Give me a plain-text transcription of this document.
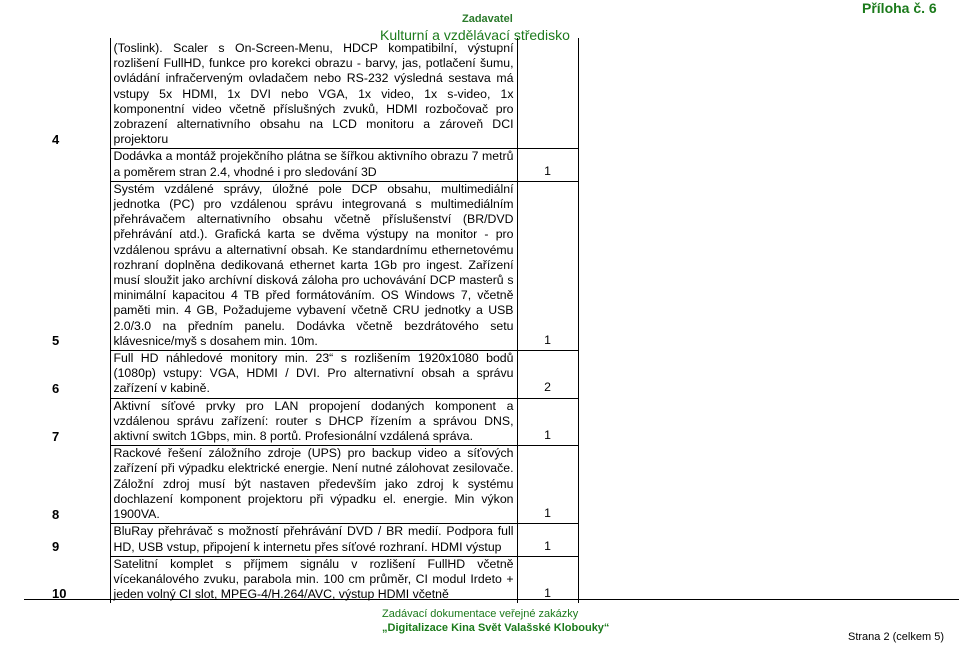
Zadavatel
Kulturní a vzdělávací středisko
Příloha č. 6
4	(Toslink). Scaler s On-Screen-Menu, HDCP kompatibilní, výstupní rozlišení FullHD, funkce pro korekci obrazu - barvy, jas, potlačení šumu, ovládání infračerveným ovladačem nebo RS-232 výsledná sestava má vstupy 5x HDMI, 1x DVI nebo VGA, 1x video, 1x s-video, 1x komponentní video včetně příslušných zvuků, HDMI rozbočovač pro zobrazení alternativního obsahu na LCD monitoru a zároveň DCI projektoru	
	Dodávka a montáž projekčního plátna se šířkou aktivního obrazu 7 metrů a poměrem stran 2.4, vhodné i pro sledování 3D	1
5	Systém vzdálené správy, úložné pole DCP obsahu, multimediální jednotka (PC) pro vzdálenou správu integrovaná s multimediálním přehrávačem alternativního obsahu včetně příslušenství (BR/DVD přehrávání atd.). Grafická karta se dvěma výstupy na monitor - pro vzdálenou správu a alternativní obsah. Ke standardnímu ethernetovému rozhraní doplněna dedikovaná ethernet karta 1Gb pro ingest. Zařízení musí sloužit jako archívní disková záloha pro uchovávání DCP masterů s minimální kapacitou 4 TB před formátováním. OS Windows 7, včetně paměti min. 4 GB, Požadujeme vybavení včetně CRU jednotky a USB 2.0/3.0 na předním panelu. Dodávka včetně bezdrátového setu klávesnice/myš s dosahem min. 10m.	1
6	Full HD náhledové monitory min. 23“ s rozlišením 1920x1080 bodů (1080p) vstupy: VGA, HDMI / DVI. Pro alternativní obsah a správu zařízení v kabině.	2
7	Aktivní síťové prvky pro LAN propojení dodaných komponent a vzdálenou správu zařízení: router s DHCP řízením a správou DNS, aktivní switch 1Gbps, min. 8 portů. Profesionální vzdálená správa.	1
8	Rackové řešení záložního zdroje (UPS) pro backup video a síťových zařízení při výpadku elektrické energie. Není nutné zálohovat zesilovače. Záložní zdroj musí být nastaven především jako zdroj k systému dochlazení komponent projektoru při výpadku el. energie. Min výkon 1900VA.	1
9	BluRay přehrávač s možností přehrávání DVD / BR medií. Podpora full HD, USB vstup, připojení k internetu přes síťové rozhraní. HDMI výstup	1
10	Satelitní komplet s příjmem signálu v rozlišení FullHD včetně vícekanálového zvuku, parabola min. 100 cm průměr, CI modul Irdeto + jeden volný CI slot, MPEG-4/H.264/AVC, výstup HDMI včetně	1
Zadávací dokumentace veřejné zakázky
„Digitalizace Kina Svět Valašské Klobouky“
Strana 2 (celkem 5)
